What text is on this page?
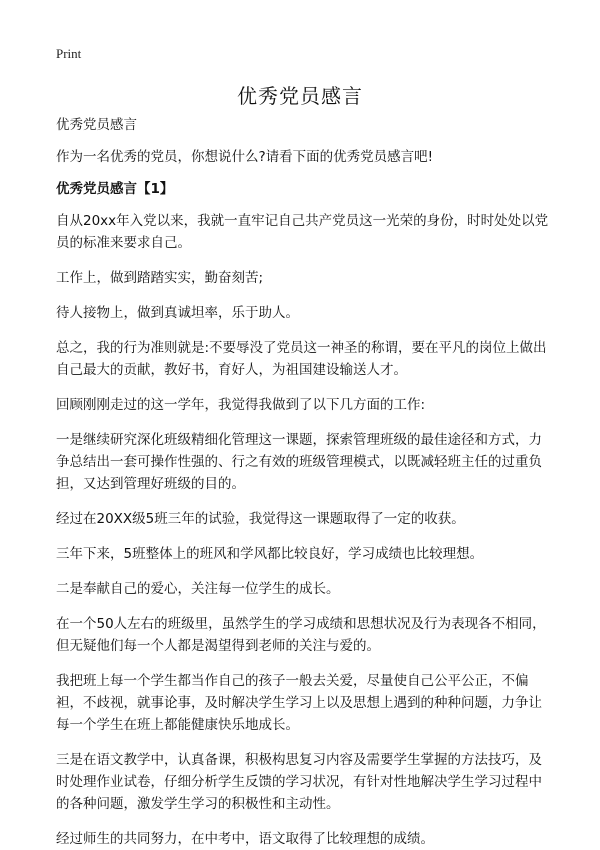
Print
优秀党员感言

优秀党员感言

作为一名优秀的党员，你想说什么?请看下面的优秀党员感言吧!

优秀党员感言【1】

自从20xx年入党以来，我就一直牢记自己共产党员这一光荣的身份，时时处处以党员的标准来要求自己。

工作上，做到踏踏实实，勤奋刻苦;

待人接物上，做到真诚坦率，乐于助人。

总之，我的行为准则就是:不要辱没了党员这一神圣的称谓，要在平凡的岗位上做出自己最大的贡献，教好书，育好人，为祖国建设输送人才。

回顾刚刚走过的这一学年，我觉得我做到了以下几方面的工作:

一是继续研究深化班级精细化管理这一课题，探索管理班级的最佳途径和方式，力争总结出一套可操作性强的、行之有效的班级管理模式，以既减轻班主任的过重负担，又达到管理好班级的目的。

经过在20XX级5班三年的试验，我觉得这一课题取得了一定的收获。

三年下来，5班整体上的班风和学风都比较良好，学习成绩也比较理想。

二是奉献自己的爱心，关注每一位学生的成长。

在一个50人左右的班级里，虽然学生的学习成绩和思想状况及行为表现各不相同，但无疑他们每一个人都是渴望得到老师的关注与爱的。

我把班上每一个学生都当作自己的孩子一般去关爱，尽量使自己公平公正，不偏袒，不歧视，就事论事，及时解决学生学习上以及思想上遇到的种种问题，力争让每一个学生在班上都能健康快乐地成长。

三是在语文教学中，认真备课，积极构思复习内容及需要学生掌握的方法技巧，及时处理作业试卷，仔细分析学生反馈的学习状况，有针对性地解决学生学习过程中的各种问题，激发学生学习的积极性和主动性。

经过师生的共同努力，在中考中，语文取得了比较理想的成绩。
